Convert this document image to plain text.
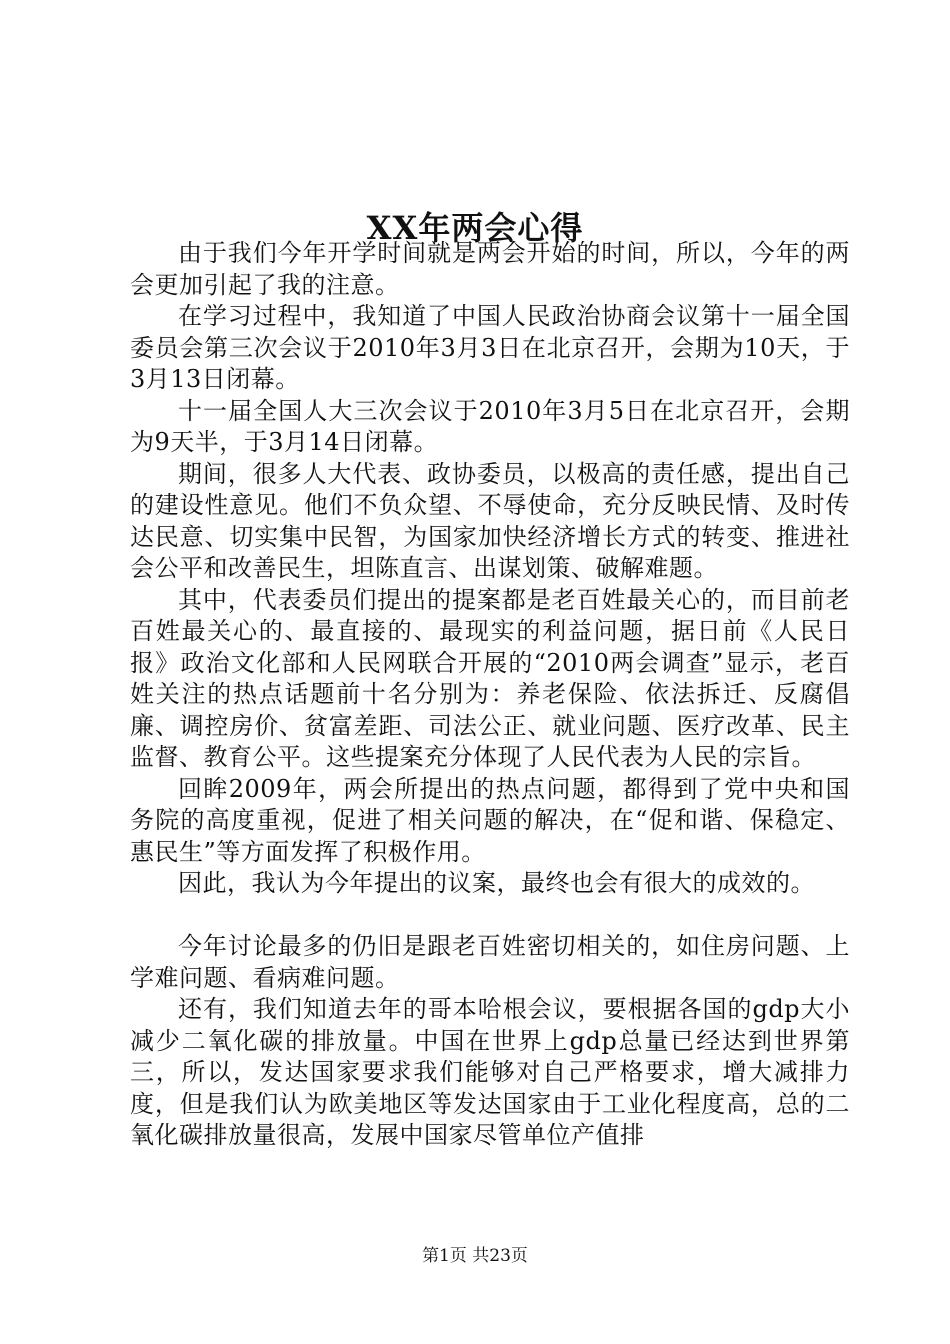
XX年两会心得

由于我们今年开学时间就是两会开始的时间，所以，今年的两会更加引起了我的注意。

在学习过程中，我知道了中国人民政治协商会议第十一届全国委员会第三次会议于2010年3月3日在北京召开，会期为10天，于3月13日闭幕。

十一届全国人大三次会议于2010年3月5日在北京召开，会期为9天半，于3月14日闭幕。

期间，很多人大代表、政协委员，以极高的责任感，提出自己的建设性意见。他们不负众望、不辱使命，充分反映民情、及时传达民意、切实集中民智，为国家加快经济增长方式的转变、推进社会公平和改善民生，坦陈直言、出谋划策、破解难题。

其中，代表委员们提出的提案都是老百姓最关心的，而目前老百姓最关心的、最直接的、最现实的利益问题，据日前《人民日报》政治文化部和人民网联合开展的“2010两会调查”显示，老百姓关注的热点话题前十名分别为：养老保险、依法拆迁、反腐倡廉、调控房价、贫富差距、司法公正、就业问题、医疗改革、民主监督、教育公平。这些提案充分体现了人民代表为人民的宗旨。

回眸2009年，两会所提出的热点问题，都得到了党中央和国务院的高度重视，促进了相关问题的解决，在“促和谐、保稳定、惠民生”等方面发挥了积极作用。

因此，我认为今年提出的议案，最终也会有很大的成效的。

今年讨论最多的仍旧是跟老百姓密切相关的，如住房问题、上学难问题、看病难问题。

还有，我们知道去年的哥本哈根会议，要根据各国的gdp大小减少二氧化碳的排放量。中国在世界上gdp总量已经达到世界第三，所以，发达国家要求我们能够对自己严格要求，增大减排力度，但是我们认为欧美地区等发达国家由于工业化程度高，总的二氧化碳排放量很高，发展中国家尽管单位产值排

第1页 共23页
